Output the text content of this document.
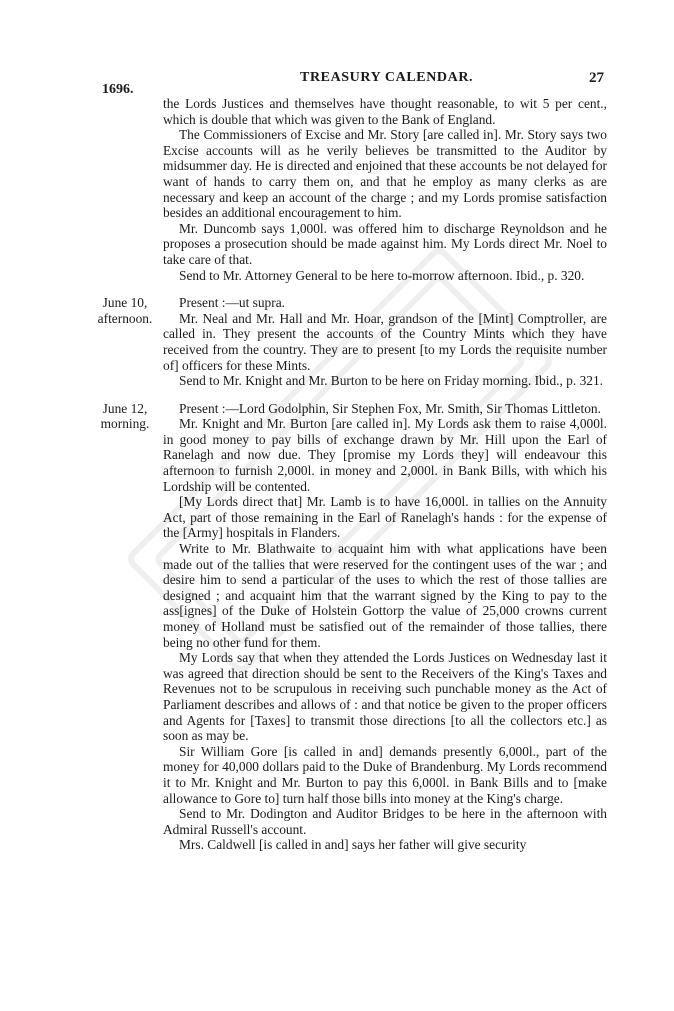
1696.
TREASURY CALENDAR.	27

the Lords Justices and themselves have thought reasonable, to wit 5 per cent., which is double that which was given to the Bank of England.

The Commissioners of Excise and Mr. Story [are called in]. Mr. Story says two Excise accounts will as he verily believes be transmitted to the Auditor by midsummer day. He is directed and enjoined that these accounts be not delayed for want of hands to carry them on, and that he employ as many clerks as are necessary and keep an account of the charge ; and my Lords promise satisfaction besides an additional encouragement to him.

Mr. Duncomb says 1,000l. was offered him to discharge Reynoldson and he proposes a prosecution should be made against him. My Lords direct Mr. Noel to take care of that.

Send to Mr. Attorney General to be here to-morrow afternoon. Ibid., p. 320.

June 10,
afternoon.

Present :—ut supra.

Mr. Neal and Mr. Hall and Mr. Hoar, grandson of the [Mint] Comptroller, are called in. They present the accounts of the Country Mints which they have received from the country. They are to present [to my Lords the requisite number of] officers for these Mints.

Send to Mr. Knight and Mr. Burton to be here on Friday morning. Ibid., p. 321.

June 12,
morning.

Present :—Lord Godolphin, Sir Stephen Fox, Mr. Smith, Sir Thomas Littleton.

Mr. Knight and Mr. Burton [are called in]. My Lords ask them to raise 4,000l. in good money to pay bills of exchange drawn by Mr. Hill upon the Earl of Ranelagh and now due. They [promise my Lords they] will endeavour this afternoon to furnish 2,000l. in money and 2,000l. in Bank Bills, with which his Lordship will be contented.

[My Lords direct that] Mr. Lamb is to have 16,000l. in tallies on the Annuity Act, part of those remaining in the Earl of Ranelagh's hands : for the expense of the [Army] hospitals in Flanders.

Write to Mr. Blathwaite to acquaint him with what applications have been made out of the tallies that were reserved for the contingent uses of the war ; and desire him to send a particular of the uses to which the rest of those tallies are designed ; and acquaint him that the warrant signed by the King to pay to the ass[ignes] of the Duke of Holstein Gottorp the value of 25,000 crowns current money of Holland must be satisfied out of the remainder of those tallies, there being no other fund for them.

My Lords say that when they attended the Lords Justices on Wednesday last it was agreed that direction should be sent to the Receivers of the King's Taxes and Revenues not to be scrupulous in receiving such punchable money as the Act of Parliament describes and allows of : and that notice be given to the proper officers and Agents for [Taxes] to transmit those directions [to all the collectors etc.] as soon as may be.

Sir William Gore [is called in and] demands presently 6,000l., part of the money for 40,000 dollars paid to the Duke of Brandenburg. My Lords recommend it to Mr. Knight and Mr. Burton to pay this 6,000l. in Bank Bills and to [make allowance to Gore to] turn half those bills into money at the King's charge.

Send to Mr. Dodington and Auditor Bridges to be here in the afternoon with Admiral Russell's account.

Mrs. Caldwell [is called in and] says her father will give security
